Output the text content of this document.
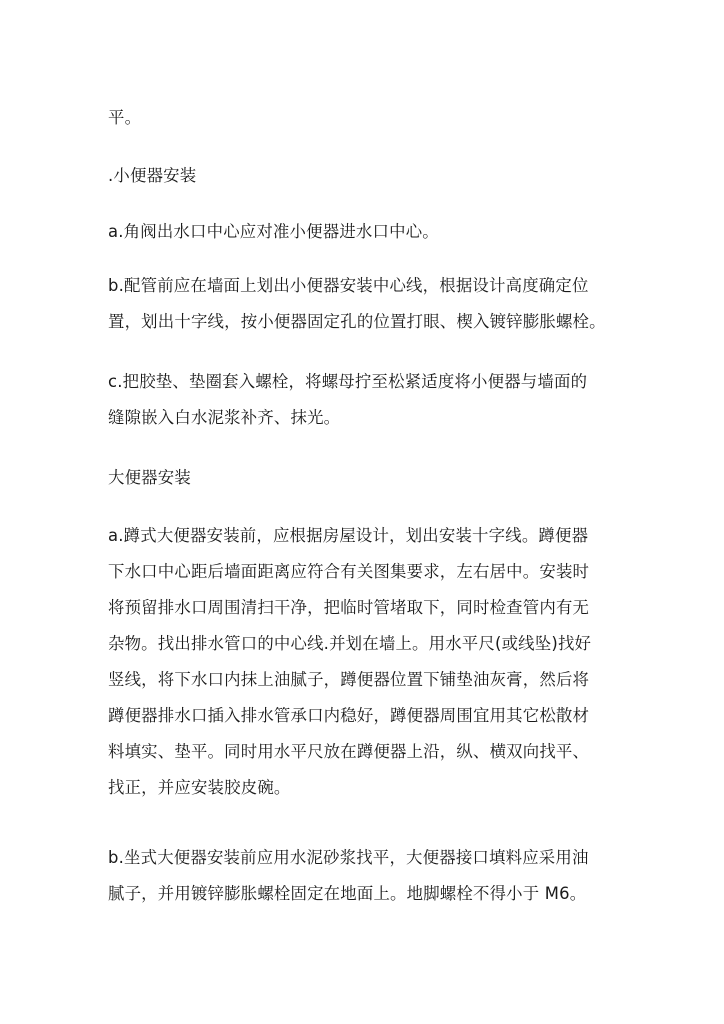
平。

.小便器安装

a.角阀出水口中心应对准小便器进水口中心。

b.配管前应在墙面上划出小便器安装中心线，根据设计高度确定位
置，划出十字线，按小便器固定孔的位置打眼、楔入镀锌膨胀螺栓。

c.把胶垫、垫圈套入螺栓，将螺母拧至松紧适度将小便器与墙面的
缝隙嵌入白水泥浆补齐、抹光。

大便器安装

a.蹲式大便器安装前，应根据房屋设计，划出安装十字线。蹲便器
下水口中心距后墙面距离应符合有关图集要求，左右居中。安装时
将预留排水口周围清扫干净，把临时管堵取下，同时检查管内有无
杂物。找出排水管口的中心线.并划在墙上。用水平尺(或线坠)找好
竖线，将下水口内抹上油腻子，蹲便器位置下铺垫油灰膏，然后将
蹲便器排水口插入排水管承口内稳好，蹲便器周围宜用其它松散材
料填实、垫平。同时用水平尺放在蹲便器上沿，纵、横双向找平、
找正，并应安装胶皮碗。

b.坐式大便器安装前应用水泥砂浆找平，大便器接口填料应采用油
腻子，并用镀锌膨胀螺栓固定在地面上。地脚螺栓不得小于 M6。
